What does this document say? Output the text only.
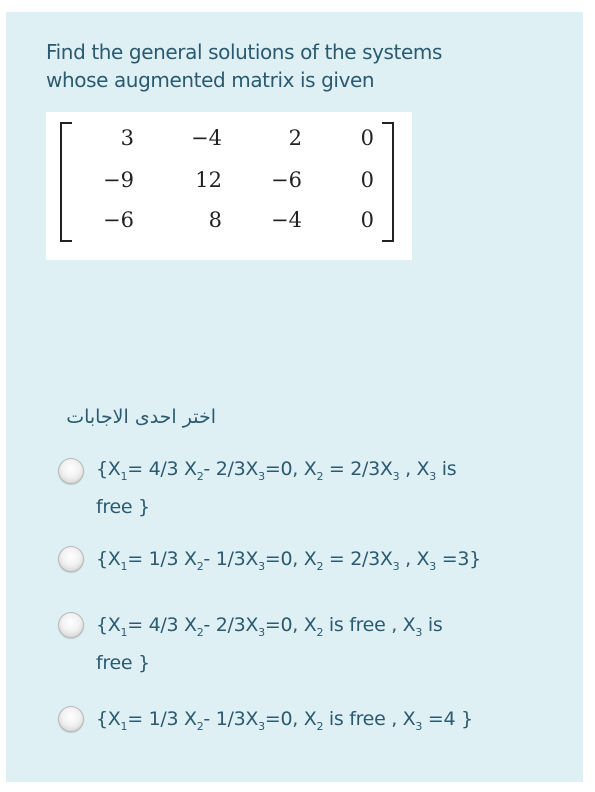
Find the general solutions of the systems
whose augmented matrix is given
3	−4	2	0
−9	12	−6	0
−6	8	−4	0
اختر احدى الاجابات
{$X_1= 4/3$ $X_2-$ $2/3X_3=0$, $X_2 = 2/3X_3$ , $X_3$ is
free }
{$X_1= 1/3$ $X_2-$ $1/3X_3=0$, $X_2 = 2/3X_3$ , $X_3 =3$}
{$X_1= 4/3$ $X_2-$ $2/3X_3=0$, $X_2$ is free , $X_3$ is
free }
{$X_1= 1/3$ $X_2-$ $1/3X_3=0$, $X_2$ is free , $X_3 =4$ }
